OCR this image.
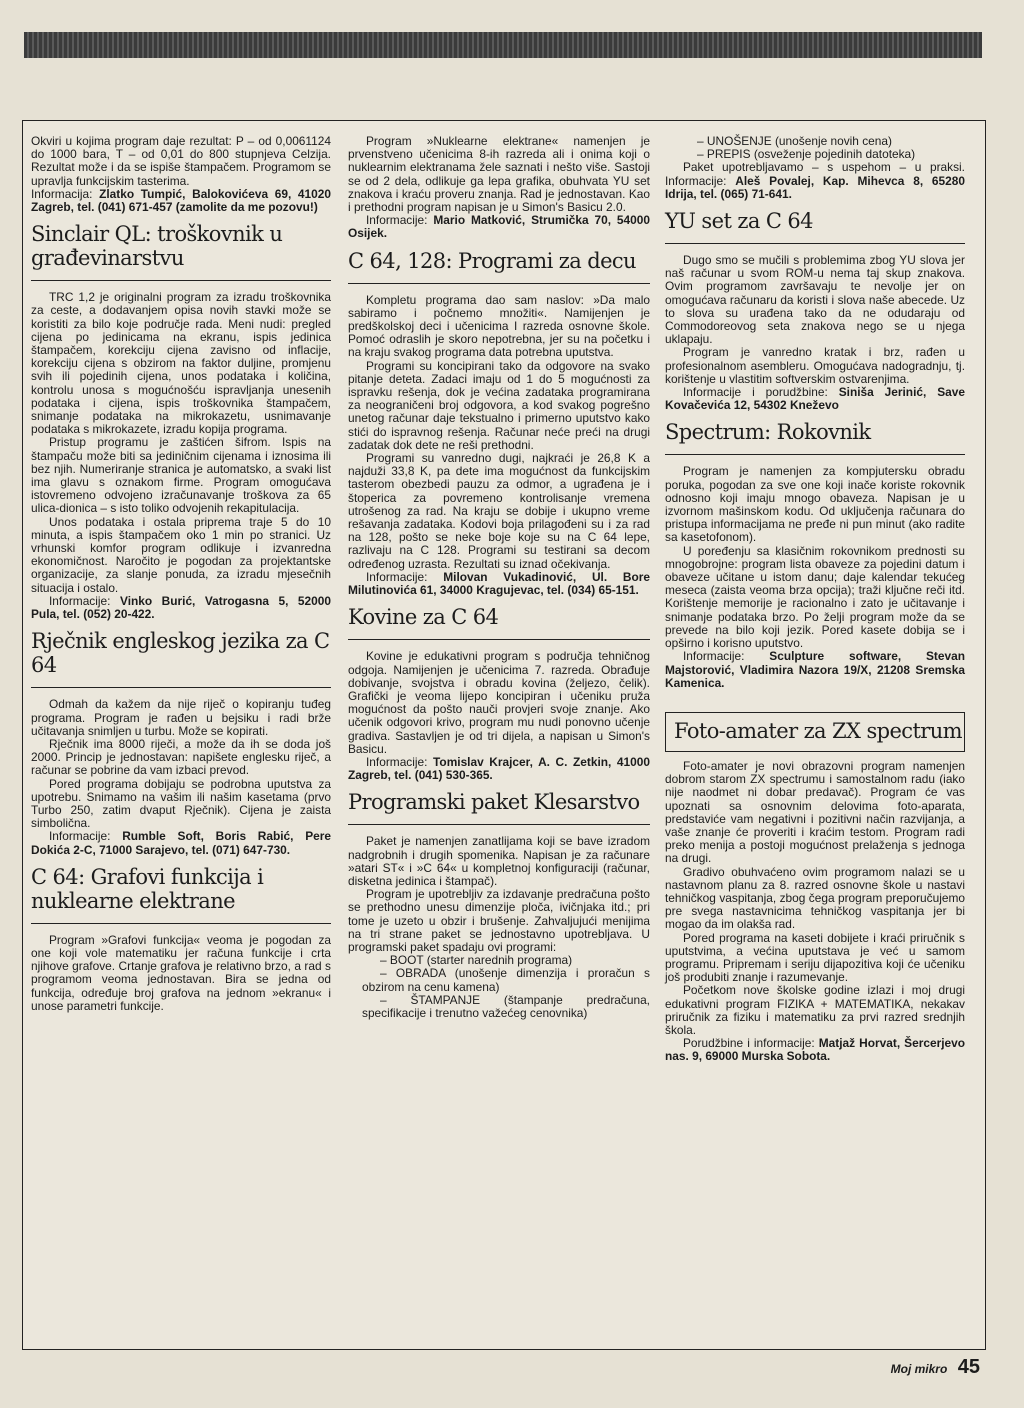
Okviri u kojima program daje rezultat: P – od 0,0061124 do 1000 bara, T – od 0,01 do 800 stupnjeva Celzija. Rezultat može i da se ispiše štampačem. Programom se upravlja funkcijskim tasterima.

Informacija: Zlatko Tumpić, Balokovićeva 69, 41020 Zagreb, tel. (041) 671-457 (zamolite da me pozovu!)

Sinclair QL: troškovnik u građevinarstvu

TRC 1,2 je originalni program za izradu troškovnika za ceste, a dodavanjem opisa novih stavki može se koristiti za bilo koje područje rada. Meni nudi: pregled cijena po jedinicama na ekranu, ispis jedinica štampačem, korekciju cijena zavisno od inflacije, korekciju cijena s obzirom na faktor duljine, promjenu svih ili pojedinih cijena, unos podataka i količina, kontrolu unosa s mogućnošću ispravljanja unesenih podataka i cijena, ispis troškovnika štampačem, snimanje podataka na mikrokazetu, usnimavanje podataka s mikrokazete, izradu kopija programa.

Pristup programu je zaštićen šifrom. Ispis na štampaču može biti sa jediničnim cijenama i iznosima ili bez njih. Numeriranje stranica je automatsko, a svaki list ima glavu s oznakom firme. Program omogućava istovremeno odvojeno izračunavanje troškova za 65 ulica-dionica – s isto toliko odvojenih rekapitulacija.

Unos podataka i ostala priprema traje 5 do 10 minuta, a ispis štampačem oko 1 min po stranici. Uz vrhunski komfor program odlikuje i izvanredna ekonomičnost. Naročito je pogodan za projektantske organizacije, za slanje ponuda, za izradu mjesečnih situacija i ostalo.

Informacije: Vinko Burić, Vatrogasna 5, 52000 Pula, tel. (052) 20-422.

Rječnik engleskog jezika za C 64

Odmah da kažem da nije riječ o kopiranju tuđeg programa. Program je rađen u bejsiku i radi brže učitavanja snimljen u turbu. Može se kopirati.

Rječnik ima 8000 riječi, a može da ih se doda još 2000. Princip je jednostavan: napišete englesku riječ, a računar se pobrine da vam izbaci prevod.

Pored programa dobijaju se podrobna uputstva za upotrebu. Snimamo na vašim ili našim kasetama (prvo Turbo 250, zatim dvaput Rječnik). Cijena je zaista simbolična.

Informacije: Rumble Soft, Boris Rabić, Pere Dokića 2-C, 71000 Sarajevo, tel. (071) 647-730.

C 64: Grafovi funkcija i nuklearne elektrane

Program »Grafovi funkcija« veoma je pogodan za one koji vole matematiku jer računa funkcije i crta njihove grafove. Crtanje grafova je relativno brzo, a rad s programom veoma jednostavan. Bira se jedna od funkcija, određuje broj grafova na jednom »ekranu« i unose parametri funkcije.

Program »Nuklearne elektrane« namenjen je prvenstveno učenicima 8-ih razreda ali i onima koji o nuklearnim elektranama žele saznati i nešto više. Sastoji se od 2 dela, odlikuje ga lepa grafika, obuhvata YU set znakova i kraću proveru znanja. Rad je jednostavan. Kao i prethodni program napisan je u Simon's Basicu 2.0.

Informacije: Mario Matković, Strumička 70, 54000 Osijek.

C 64, 128: Programi za decu

Kompletu programa dao sam naslov: »Da malo sabiramo i počnemo množiti«. Namijenjen je predškolskoj deci i učenicima I razreda osnovne škole. Pomoć odraslih je skoro nepotrebna, jer su na početku i na kraju svakog programa data potrebna uputstva.

Programi su koncipirani tako da odgovore na svako pitanje deteta. Zadaci imaju od 1 do 5 mogućnosti za ispravku rešenja, dok je većina zadataka programirana za neograničeni broj odgovora, a kod svakog pogrešno unetog računar daje tekstualno i primerno uputstvo kako stići do ispravnog rešenja. Računar neće preći na drugi zadatak dok dete ne reši prethodni.

Programi su vanredno dugi, najkraći je 26,8 K a najduži 33,8 K, pa dete ima mogućnost da funkcijskim tasterom obezbedi pauzu za odmor, a ugrađena je i štoperica za povremeno kontrolisanje vremena utrošenog za rad. Na kraju se dobije i ukupno vreme rešavanja zadataka. Kodovi boja prilagođeni su i za rad na 128, pošto se neke boje koje su na C 64 lepe, razlivaju na C 128. Programi su testirani sa decom određenog uzrasta. Rezultati su iznad očekivanja.

Informacije: Milovan Vukadinović, Ul. Bore Milutinovića 61, 34000 Kragujevac, tel. (034) 65-151.

Kovine za C 64

Kovine je edukativni program s područja tehničnog odgoja. Namijenjen je učenicima 7. razreda. Obrađuje dobivanje, svojstva i obradu kovina (željezo, čelik). Grafički je veoma lijepo koncipiran i učeniku pruža mogućnost da pošto nauči provjeri svoje znanje. Ako učenik odgovori krivo, program mu nudi ponovno učenje gradiva. Sastavljen je od tri dijela, a napisan u Simon's Basicu.

Informacije: Tomislav Krajcer, A. C. Zetkin, 41000 Zagreb, tel. (041) 530-365.

Programski paket Klesarstvo

Paket je namenjen zanatlijama koji se bave izradom nadgrobnih i drugih spomenika. Napisan je za računare »atari ST« i »C 64« u kompletnoj konfiguraciji (računar, disketna jedinica i štampač).

Program je upotrebljiv za izdavanje predračuna pošto se prethodno unesu dimenzije ploča, ivičnjaka itd.; pri tome je uzeto u obzir i brušenje. Zahvaljujući menijima na tri strane paket se jednostavno upotrebljava. U programski paket spadaju ovi programi:

– BOOT (starter narednih programa)

– OBRADA (unošenje dimenzija i proračun s obzirom na cenu kamena)

– ŠTAMPANJE (štampanje predračuna, specifikacije i trenutno važećeg cenovnika)

– UNOŠENJE (unošenje novih cena)

– PREPIS (osveženje pojedinih datoteka)

Paket upotrebljavamo – s uspehom – u praksi. Informacije: Aleš Povalej, Kap. Mihevca 8, 65280 Idrija, tel. (065) 71-641.

YU set za C 64

Dugo smo se mučili s problemima zbog YU slova jer naš računar u svom ROM-u nema taj skup znakova. Ovim programom završavaju te nevolje jer on omogućava računaru da koristi i slova naše abecede. Uz to slova su urađena tako da ne odudaraju od Commodoreovog seta znakova nego se u njega uklapaju.

Program je vanredno kratak i brz, rađen u profesionalnom asembleru. Omogućava nadogradnju, tj. korištenje u vlastitim softverskim ostvarenjima.

Informacije i porudžbine: Siniša Jerinić, Save Kovačevića 12, 54302 Kneževo

Spectrum: Rokovnik

Program je namenjen za kompjutersku obradu poruka, pogodan za sve one koji inače koriste rokovnik odnosno koji imaju mnogo obaveza. Napisan je u izvornom mašinskom kodu. Od uključenja računara do pristupa informacijama ne pređe ni pun minut (ako radite sa kasetofonom).

U poređenju sa klasičnim rokovnikom prednosti su mnogobrojne: program lista obaveze za pojedini datum i obaveze učitane u istom danu; daje kalendar tekućeg meseca (zaista veoma brza opcija); traži ključne reči itd. Korištenje memorije je racionalno i zato je učitavanje i snimanje podataka brzo. Po želji program može da se prevede na bilo koji jezik. Pored kasete dobija se i opširno i korisno uputstvo.

Informacije: Sculpture software, Stevan Majstorović, Vladimira Nazora 19/X, 21208 Sremska Kamenica.

Foto-amater za ZX spectrum

Foto-amater je novi obrazovni program namenjen dobrom starom ZX spectrumu i samostalnom radu (iako nije naodmet ni dobar predavač). Program će vas upoznati sa osnovnim delovima foto-aparata, predstaviće vam negativni i pozitivni način razvijanja, a vaše znanje će proveriti i kraćim testom. Program radi preko menija a postoji mogućnost prelaženja s jednoga na drugi.

Gradivo obuhvaćeno ovim programom nalazi se u nastavnom planu za 8. razred osnovne škole u nastavi tehničkog vaspitanja, zbog čega program preporučujemo pre svega nastavnicima tehničkog vaspitanja jer bi mogao da im olakša rad.

Pored programa na kaseti dobijete i kraći priručnik s uputstvima, a većina uputstava je već u samom programu. Pripremam i seriju dijapozitiva koji će učeniku još produbiti znanje i razumevanje.

Početkom nove školske godine izlazi i moj drugi edukativni program FIZIKA + MATEMATIKA, nekakav priručnik za fiziku i matematiku za prvi razred srednjih škola.

Porudžbine i informacije: Matjaž Horvat, Šercerjevo nas. 9, 69000 Murska Sobota.

Moj mikro 45
